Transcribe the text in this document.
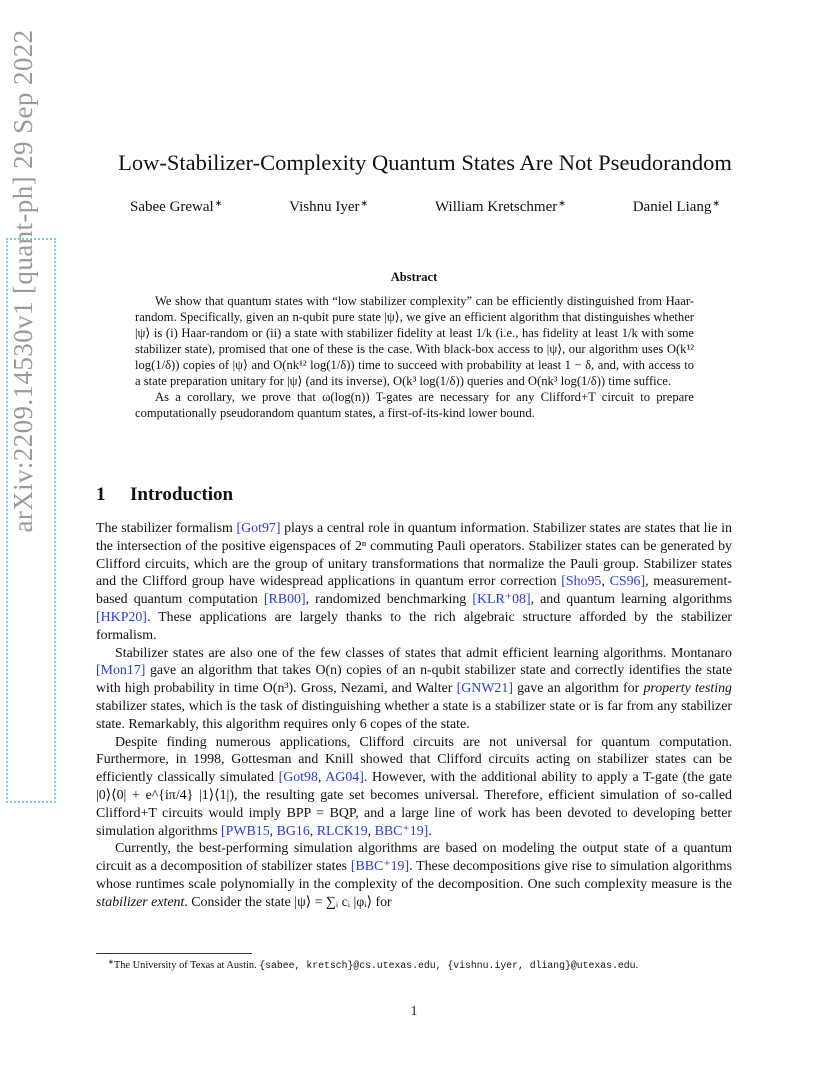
arXiv:2209.14530v1 [quant-ph] 29 Sep 2022	Low-Stabilizer-Complexity Quantum States Are Not Pseudorandom
Sabee Grewal∗	Vishnu Iyer∗	William Kretschmer∗	Daniel Liang∗
Abstract

We show that quantum states with “low stabilizer complexity” can be efficiently distinguished from Haar-random. Specifically, given an n-qubit pure state |ψ⟩, we give an efficient algorithm that distinguishes whether |ψ⟩ is (i) Haar-random or (ii) a state with stabilizer fidelity at least 1/k (i.e., has fidelity at least 1/k with some stabilizer state), promised that one of these is the case. With black-box access to |ψ⟩, our algorithm uses O(k¹² log(1/δ)) copies of |ψ⟩ and O(nk¹² log(1/δ)) time to succeed with probability at least 1 − δ, and, with access to a state preparation unitary for |ψ⟩ (and its inverse), O(k³ log(1/δ)) queries and O(nk³ log(1/δ)) time suffice.

As a corollary, we prove that ω(log(n)) T-gates are necessary for any Clifford+T circuit to prepare computationally pseudorandom quantum states, a first-of-its-kind lower bound.

1 Introduction

The stabilizer formalism [Got97] plays a central role in quantum information. Stabilizer states are states that lie in the intersection of the positive eigenspaces of 2ⁿ commuting Pauli operators. Stabilizer states can be generated by Clifford circuits, which are the group of unitary transformations that normalize the Pauli group. Stabilizer states and the Clifford group have widespread applications in quantum error correction [Sho95, CS96], measurement-based quantum computation [RB00], randomized benchmarking [KLR⁺08], and quantum learning algorithms [HKP20]. These applications are largely thanks to the rich algebraic structure afforded by the stabilizer formalism.

Stabilizer states are also one of the few classes of states that admit efficient learning algorithms. Montanaro [Mon17] gave an algorithm that takes O(n) copies of an n-qubit stabilizer state and correctly identifies the state with high probability in time O(n³). Gross, Nezami, and Walter [GNW21] gave an algorithm for property testing stabilizer states, which is the task of distinguishing whether a state is a stabilizer state or is far from any stabilizer state. Remarkably, this algorithm requires only 6 copes of the state.

Despite finding numerous applications, Clifford circuits are not universal for quantum computation. Furthermore, in 1998, Gottesman and Knill showed that Clifford circuits acting on stabilizer states can be efficiently classically simulated [Got98, AG04]. However, with the additional ability to apply a T-gate (the gate |0⟩⟨0| + e^{iπ/4} |1⟩⟨1|), the resulting gate set becomes universal. Therefore, efficient simulation of so-called Clifford+T circuits would imply BPP = BQP, and a large line of work has been devoted to developing better simulation algorithms [PWB15, BG16, RLCK19, BBC⁺19].

Currently, the best-performing simulation algorithms are based on modeling the output state of a quantum circuit as a decomposition of stabilizer states [BBC⁺19]. These decompositions give rise to simulation algorithms whose runtimes scale polynomially in the complexity of the decomposition. One such complexity measure is the stabilizer extent. Consider the state |ψ⟩ = ∑ᵢ cᵢ |φᵢ⟩ for

∗The University of Texas at Austin. {sabee, kretsch}@cs.utexas.edu, {vishnu.iyer, dliang}@utexas.edu.
1
